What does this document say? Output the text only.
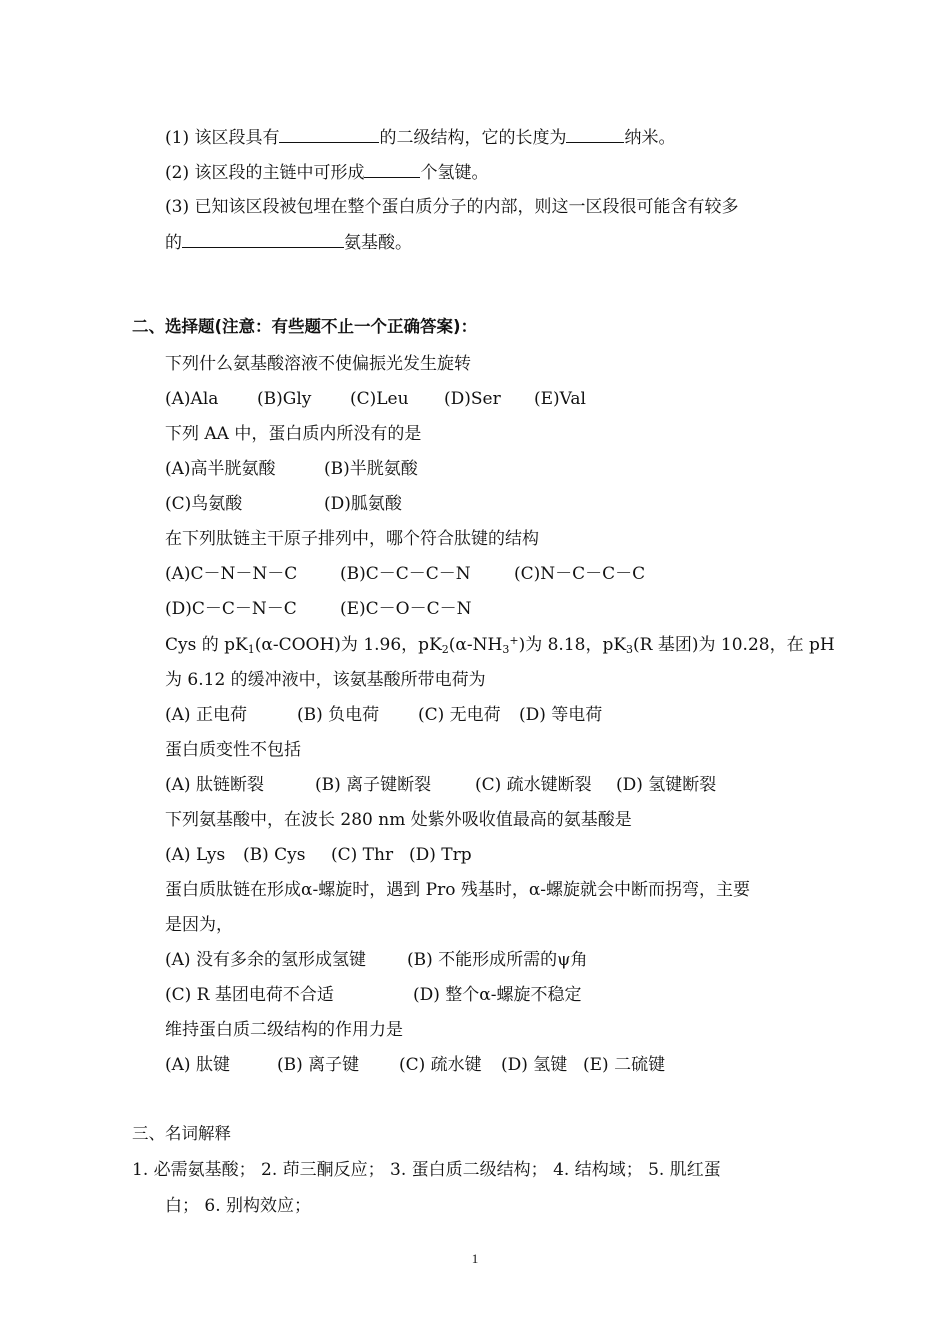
(1) 该区段具有	的二级结构，它的长度为	纳米。
(2) 该区段的主链中可形成	个氢键。
(3) 已知该区段被包埋在整个蛋白质分子的内部，则这一区段很可能含有较多
的	氨基酸。
二、选择题(注意：有些题不止一个正确答案)：
下列什么氨基酸溶液不使偏振光发生旋转
(A)Ala (B)Gly (C)Leu (D)Ser (E)Val
下列 AA 中，蛋白质内所没有的是
(A)高半胱氨酸	(B)半胱氨酸
(C)鸟氨酸	(D)胍氨酸
在下列肽链主干原子排列中，哪个符合肽键的结构
(A)C－N－N－C	(B)C－C－C－N	(C)N－C－C－C
(D)C－C－N－C	(E)C－O－C－N
Cys 的 $pK_1(\alpha-COOH)$为 1.96，$pK_2(\alpha-NH_3^+)$为 8.18，$pK_3(R$ 基团)为 10.28，在 pH
为 6.12 的缓冲液中，该氨基酸所带电荷为
(A) 正电荷	(B) 负电荷 (C) 无电荷 (D) 等电荷
蛋白质变性不包括
(A) 肽链断裂	(B) 离子键断裂	(C) 疏水键断裂 (D) 氢键断裂
下列氨基酸中，在波长 280 nm 处紫外吸收值最高的氨基酸是
(A) Lys (B) Cys (C) Thr (D) Trp
蛋白质肽链在形成α-螺旋时，遇到 Pro 残基时，α-螺旋就会中断而拐弯，主要
是因为，
(A) 没有多余的氢形成氢键 (B) 不能形成所需的ψ角
(C) R 基团电荷不合适	(D) 整个α-螺旋不稳定
维持蛋白质二级结构的作用力是
(A) 肽键	(B) 离子键 (C) 疏水键 (D) 氢键 (E) 二硫键
三、名词解释
1. 必需氨基酸； 2. 茚三酮反应； 3. 蛋白质二级结构； 4. 结构域； 5. 肌红蛋
白； 6. 别构效应；
1
